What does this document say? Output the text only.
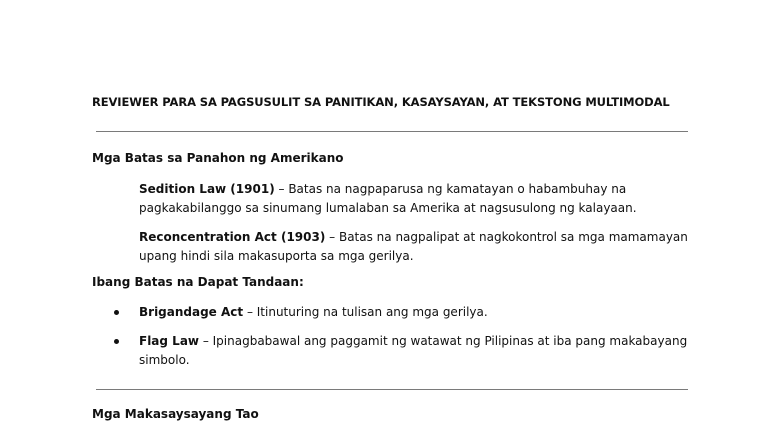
REVIEWER PARA SA PAGSUSULIT SA PANITIKAN, KASAYSAYAN, AT TEKSTONG MULTIMODAL
Mga Batas sa Panahon ng Amerikano
Sedition Law (1901) – Batas na nagpaparusa ng kamatayan o habambuhay na pagkakabilanggo sa sinumang lumalaban sa Amerika at nagsusulong ng kalayaan.
Reconcentration Act (1903) – Batas na nagpalipat at nagkokontrol sa mga mamamayan upang hindi sila makasuporta sa mga gerilya.
Ibang Batas na Dapat Tandaan:
Brigandage Act – Itinuturing na tulisan ang mga gerilya.
Flag Law – Ipinagbabawal ang paggamit ng watawat ng Pilipinas at iba pang makabayang simbolo.
Mga Makasaysayang Tao
